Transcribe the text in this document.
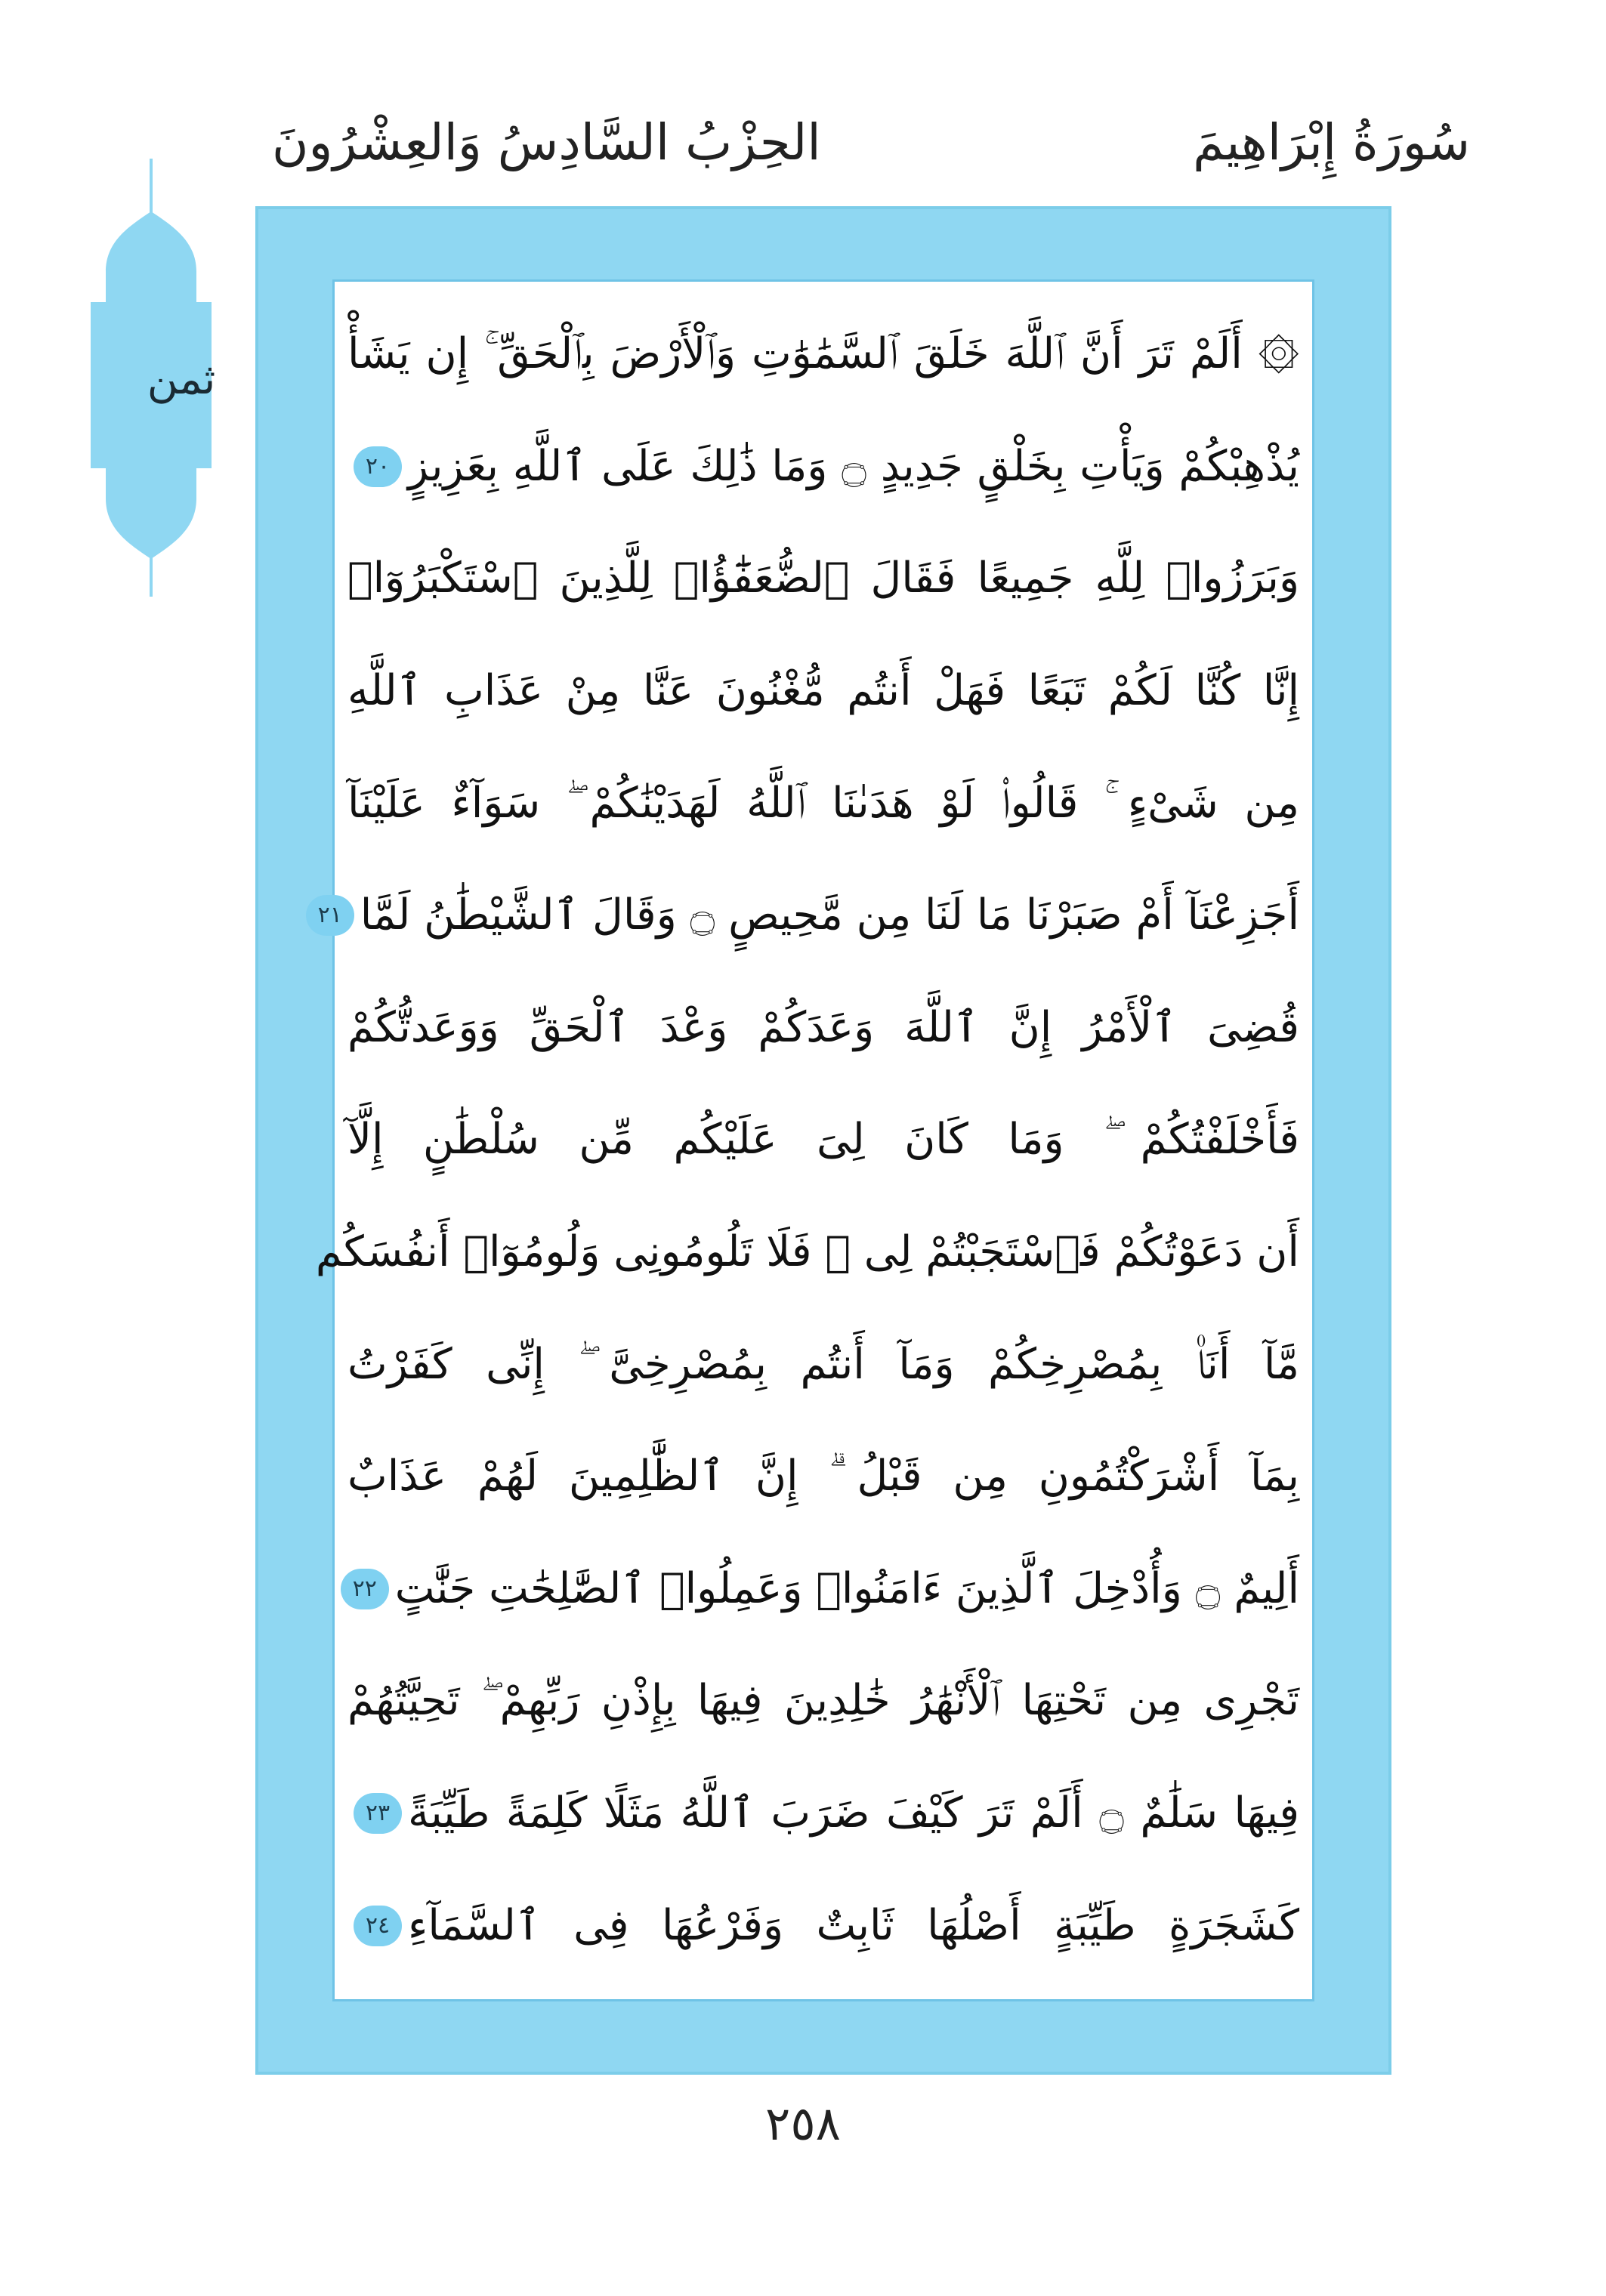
سُورَةُ إِبْرَاهِيمَ
الحِزْبُ السَّادِسُ وَالعِشْرُونَ
ثمن
۞ أَلَمْ تَرَ أَنَّ ٱللَّهَ خَلَقَ ٱلسَّمَٰوَٰتِ وَٱلْأَرْضَ بِٱلْحَقِّ ۚ إِن يَشَأْ
يُذْهِبْكُمْ وَيَأْتِ بِخَلْقٍ جَدِيدٍ ۝ وَمَا ذَٰلِكَ عَلَى ٱللَّهِ بِعَزِيزٍ
٢٠
وَبَرَزُوا۟ لِلَّهِ جَمِيعًا فَقَالَ ٱلضُّعَفَٰٓؤُا۟ لِلَّذِينَ ٱسْتَكْبَرُوٓا۟
إِنَّا كُنَّا لَكُمْ تَبَعًا فَهَلْ أَنتُم مُّغْنُونَ عَنَّا مِنْ عَذَابِ ٱللَّهِ
مِن شَىْءٍ ۚ قَالُوا۟ لَوْ هَدَىٰنَا ٱللَّهُ لَهَدَيْنَٰكُمْ ۖ سَوَآءٌ عَلَيْنَآ
أَجَزِعْنَآ أَمْ صَبَرْنَا مَا لَنَا مِن مَّحِيصٍ ۝ وَقَالَ ٱلشَّيْطَٰنُ لَمَّا
٢١
قُضِىَ ٱلْأَمْرُ إِنَّ ٱللَّهَ وَعَدَكُمْ وَعْدَ ٱلْحَقِّ وَوَعَدتُّكُمْ
فَأَخْلَفْتُكُمْ ۖ وَمَا كَانَ لِىَ عَلَيْكُم مِّن سُلْطَٰنٍ إِلَّآ
أَن دَعَوْتُكُمْ فَٱسْتَجَبْتُمْ لِى ۖ فَلَا تَلُومُونِى وَلُومُوٓا۟ أَنفُسَكُم
مَّآ أَنَا۠ بِمُصْرِخِكُمْ وَمَآ أَنتُم بِمُصْرِخِىَّ ۖ إِنِّى كَفَرْتُ
بِمَآ أَشْرَكْتُمُونِ مِن قَبْلُ ۗ إِنَّ ٱلظَّٰلِمِينَ لَهُمْ عَذَابٌ
أَلِيمٌ ۝ وَأُدْخِلَ ٱلَّذِينَ ءَامَنُوا۟ وَعَمِلُوا۟ ٱلصَّٰلِحَٰتِ جَنَّٰتٍ
٢٢
تَجْرِى مِن تَحْتِهَا ٱلْأَنْهَٰرُ خَٰلِدِينَ فِيهَا بِإِذْنِ رَبِّهِمْ ۖ تَحِيَّتُهُمْ
فِيهَا سَلَٰمٌ ۝ أَلَمْ تَرَ كَيْفَ ضَرَبَ ٱللَّهُ مَثَلًا كَلِمَةً طَيِّبَةً
٢٣
كَشَجَرَةٍ طَيِّبَةٍ أَصْلُهَا ثَابِتٌ وَفَرْعُهَا فِى ٱلسَّمَآءِ
٢٤
٢٥٨
